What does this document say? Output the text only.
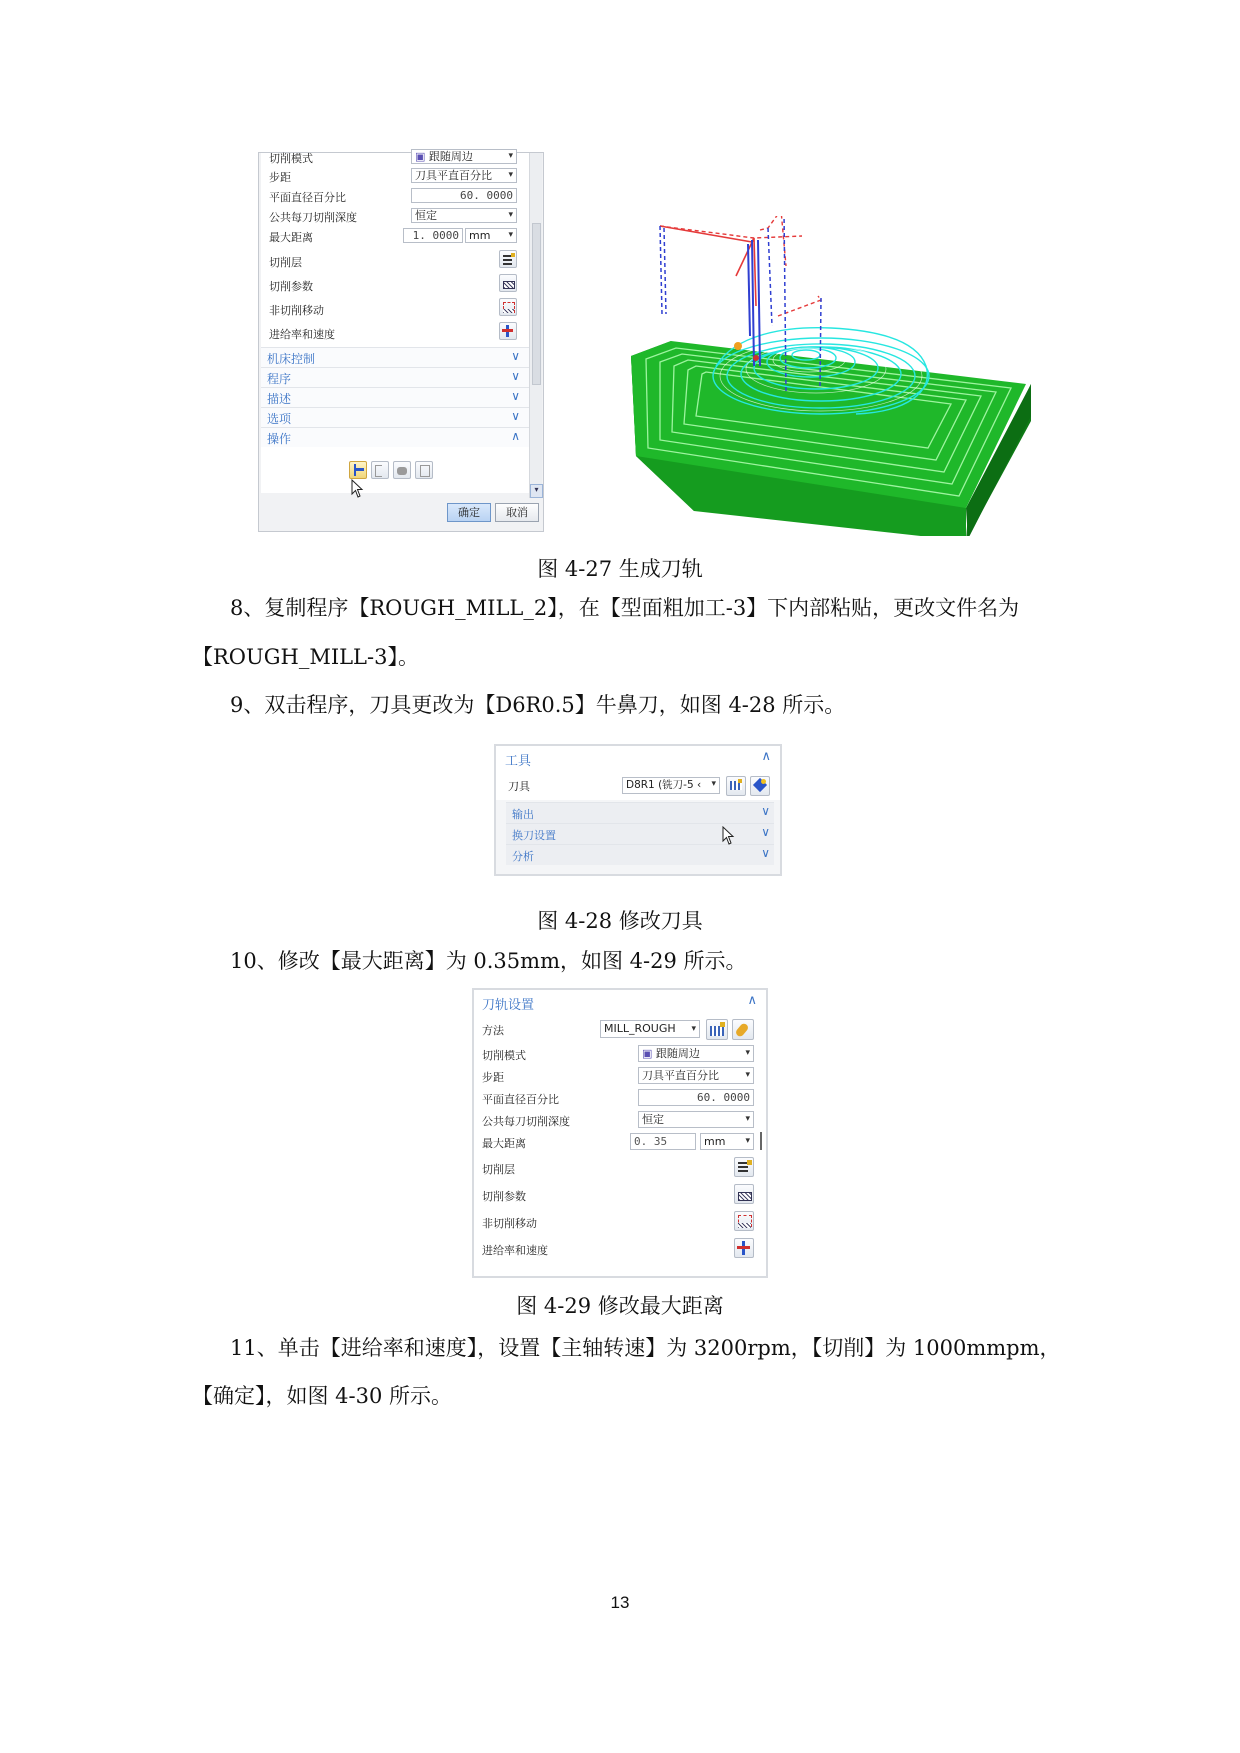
切削模式	▣ 跟随周边 ▾
步距	刀具平直百分比 ▾
平面直径百分比	60. 0000
公共每刀切削深度	恒定 ▾
最大距离	1. 0000 mm ▾
切削层
切削参数
非切削移动
进给率和速度
机床控制	∨
程序	∨
描述	∨
选项	∨
操作	∧
▾
确定	取消
图 4-27 生成刀轨
8、复制程序【ROUGH_MILL_2】，在【型面粗加工-3】下内部粘贴，更改文件名为
【ROUGH_MILL-3】。
9、双击程序，刀具更改为【D6R0.5】牛鼻刀，如图 4-28 所示。
工具	∧
刀具	D8R1 (铣刀-5 ‹ ▾
输出	∨
换刀设置	∨
分析	∨
图 4-28 修改刀具
10、修改【最大距离】为 0.35mm，如图 4-29 所示。
刀轨设置	∧
方法	MILL_ROUGH ▾
切削模式	▣ 跟随周边 ▾
步距	刀具平直百分比 ▾
平面直径百分比	60. 0000
公共每刀切削深度	恒定 ▾
最大距离	0. 35	mm ▾
切削层
切削参数
非切削移动
进给率和速度
图 4-29 修改最大距离
11、单击【进给率和速度】，设置【主轴转速】为 3200rpm，【切削】为 1000mmpm，
【确定】，如图 4-30 所示。
13
